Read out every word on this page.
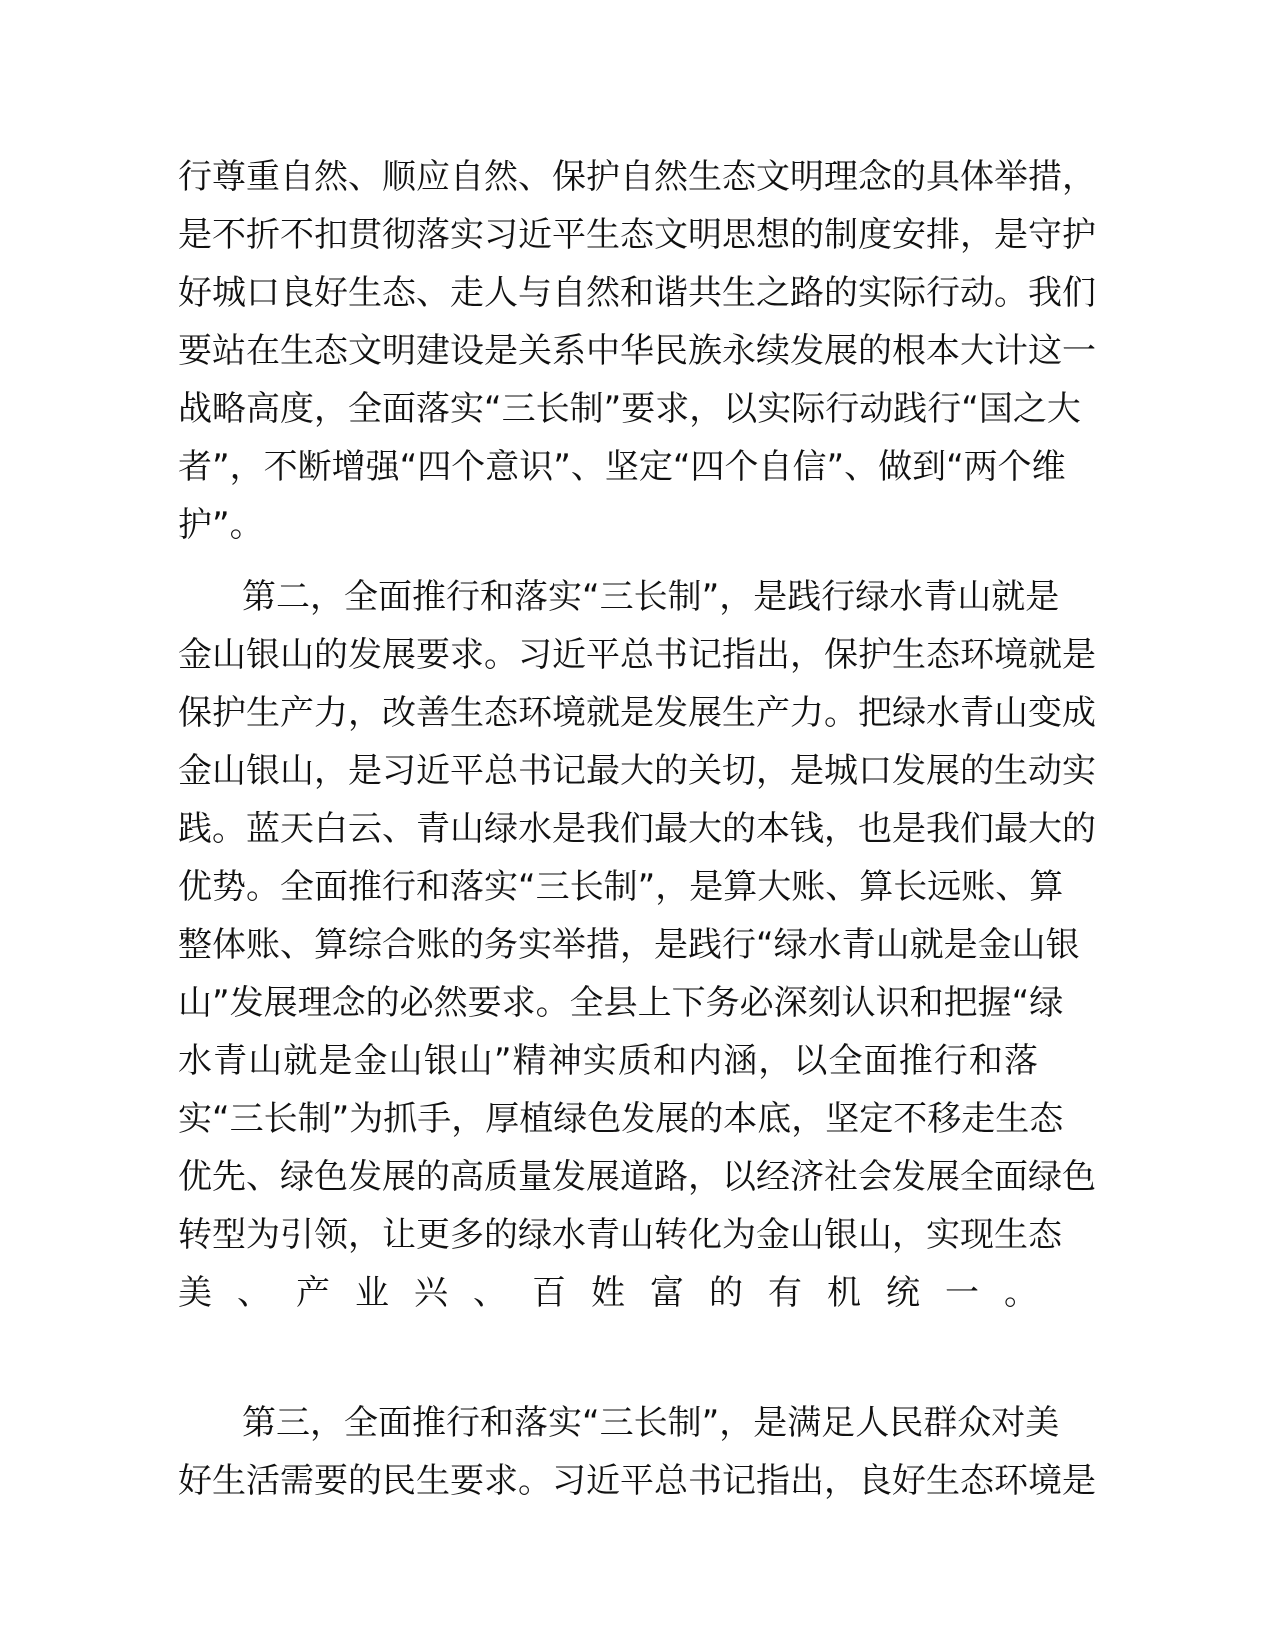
行尊重自然、顺应自然、保护自然生态文明理念的具体举措，
是不折不扣贯彻落实习近平生态文明思想的制度安排，是守护
好城口良好生态、走人与自然和谐共生之路的实际行动。我们
要站在生态文明建设是关系中华民族永续发展的根本大计这一
战略高度，全面落实“三长制”要求，以实际行动践行“国之大
者”，不断增强“四个意识”、坚定“四个自信”、做到“两个维
护”。
第二，全面推行和落实“三长制”，是践行绿水青山就是
金山银山的发展要求。习近平总书记指出，保护生态环境就是
保护生产力，改善生态环境就是发展生产力。把绿水青山变成
金山银山，是习近平总书记最大的关切，是城口发展的生动实
践。蓝天白云、青山绿水是我们最大的本钱，也是我们最大的
优势。全面推行和落实“三长制”，是算大账、算长远账、算
整体账、算综合账的务实举措，是践行“绿水青山就是金山银
山”发展理念的必然要求。全县上下务必深刻认识和把握“绿
水青山就是金山银山”精神实质和内涵，以全面推行和落
实“三长制”为抓手，厚植绿色发展的本底，坚定不移走生态
优先、绿色发展的高质量发展道路，以经济社会发展全面绿色
转型为引领，让更多的绿水青山转化为金山银山，实现生态
美、产业兴、百姓富的有机统一。
第三，全面推行和落实“三长制”，是满足人民群众对美
好生活需要的民生要求。习近平总书记指出，良好生态环境是
